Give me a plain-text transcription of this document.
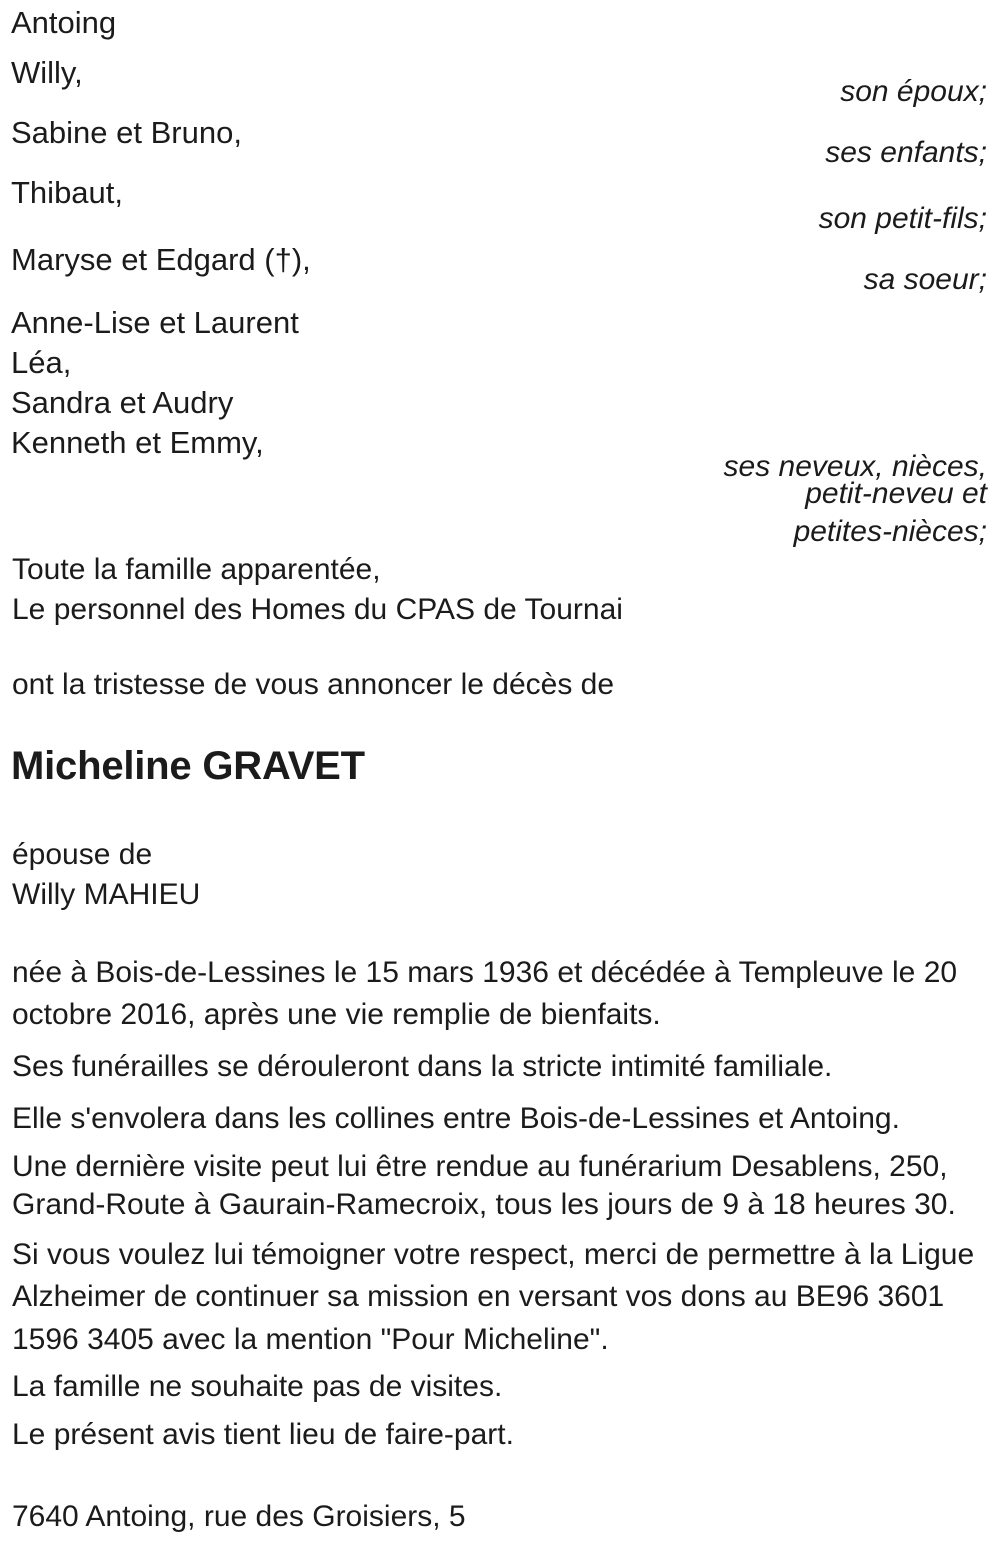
Antoing
Willy,
Sabine et Bruno,
Thibaut,
Maryse et Edgard (†),
Anne-Lise et Laurent
Léa,
Sandra et Audry
Kenneth et Emmy,
son époux;
ses enfants;
son petit-fils;
sa soeur;
ses neveux, nièces,
petit-neveu et
petites-nièces;
Toute la famille apparentée,
Le personnel des Homes du CPAS de Tournai
ont la tristesse de vous annoncer le décès de
Micheline GRAVET
épouse de
Willy MAHIEU
née à Bois-de-Lessines le 15 mars 1936 et décédée à Templeuve le 20
octobre 2016, après une vie remplie de bienfaits.
Ses funérailles se dérouleront dans la stricte intimité familiale.
Elle s'envolera dans les collines entre Bois-de-Lessines et Antoing.
Une dernière visite peut lui être rendue au funérarium Desablens, 250,
Grand-Route à Gaurain-Ramecroix, tous les jours de 9 à 18 heures 30.
Si vous voulez lui témoigner votre respect, merci de permettre à la Ligue
Alzheimer de continuer sa mission en versant vos dons au BE96 3601
1596 3405 avec la mention "Pour Micheline".
La famille ne souhaite pas de visites.
Le présent avis tient lieu de faire-part.
7640 Antoing, rue des Groisiers, 5
